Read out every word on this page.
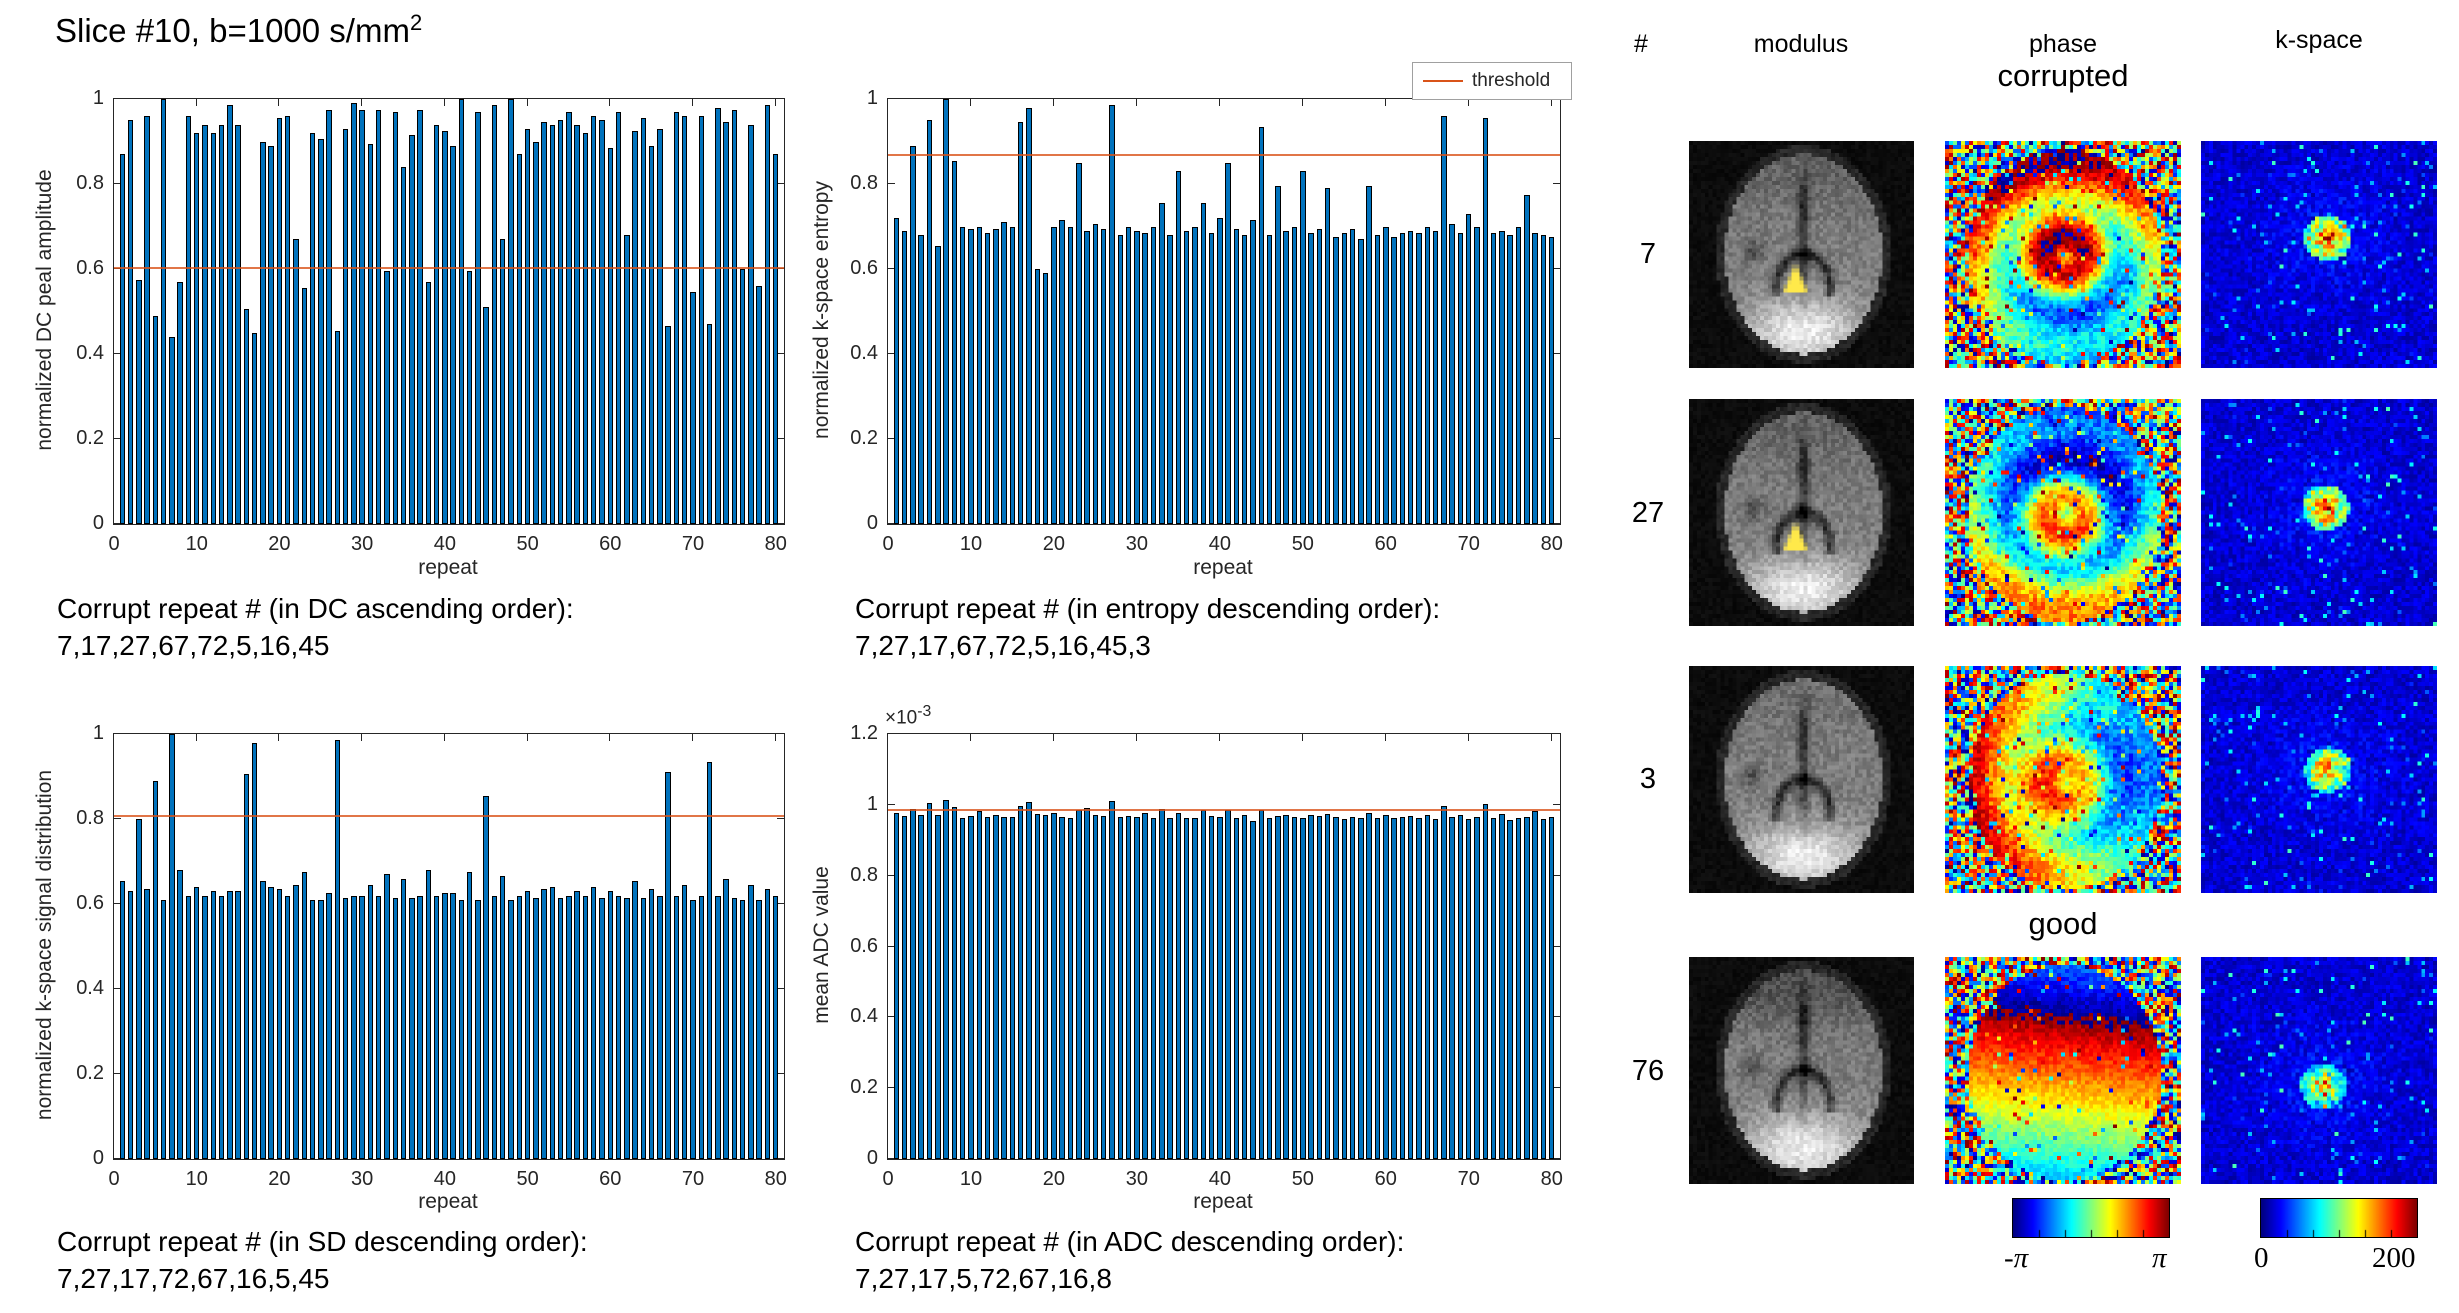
Slice #10, b=1000 $s/mm^2$
normalized DC peal amplitude
0
0.2
0.4
0.6
0.8
1
0	10	20	30	40	50	60	70	80
repeat
Corrupt repeat # (in DC ascending order):
7,17,27,67,72,5,16,45
normalized k-space entropy
0
0.2
0.4
0.6
0.8
1
0	10	20	30	40	50	60	70	80
threshold
repeat
Corrupt repeat # (in entropy descending order):
7,27,17,67,72,5,16,45,3
normalized k-space signal distribution
0
0.2
0.4
0.6
0.8
1
0	10	20	30	40	50	60	70	80
repeat
Corrupt repeat # (in SD descending order):
7,27,17,72,67,16,5,45
mean ADC value
0
0.2
0.4
0.6
0.8
1
1.2
0	10	20	30	40	50	60	70	80
$\times 10^{-3}$
repeat
Corrupt repeat # (in ADC descending order):
7,27,17,5,72,67,16,8
#	modulus	phase	k-space
corrupted
good
7
27
3
76
-π	π	0	200
